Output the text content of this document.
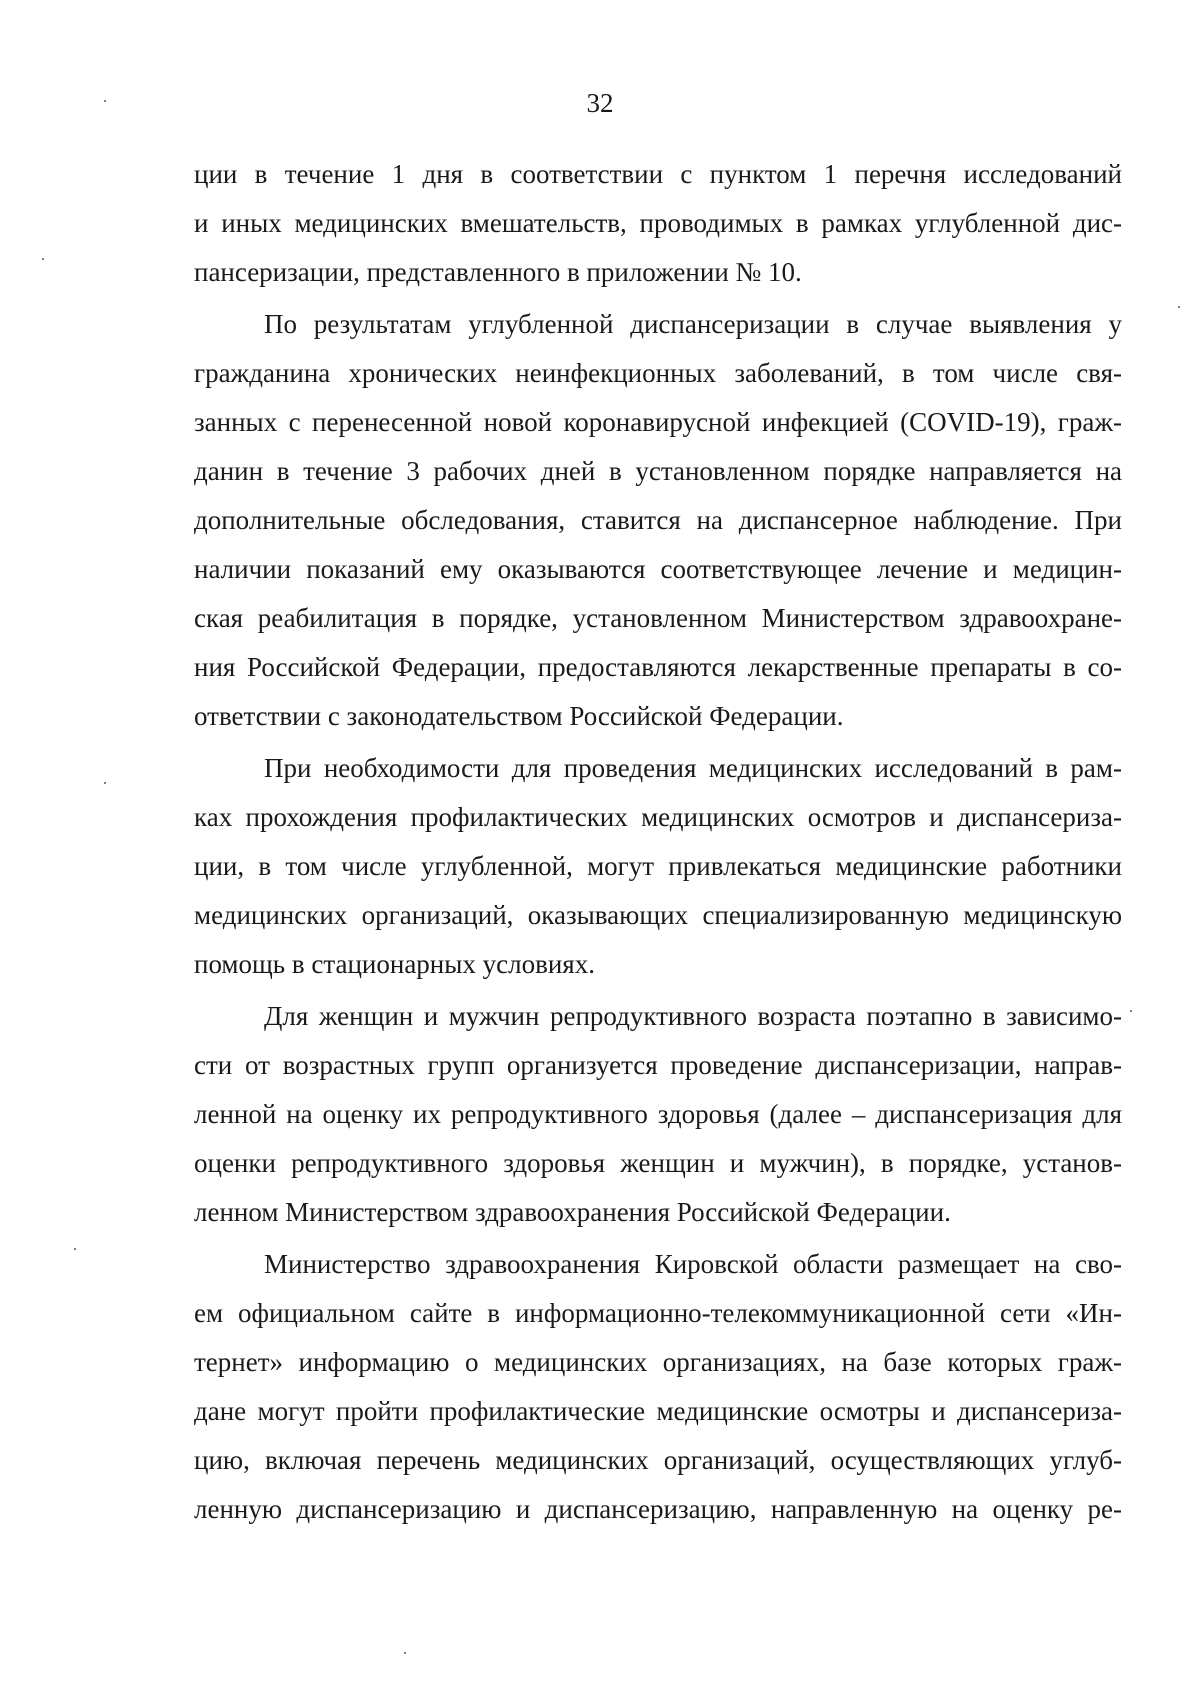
32
ции в течение 1 дня в соответствии с пунктом 1 перечня исследований
и иных медицинских вмешательств, проводимых в рамках углубленной дис-
пансеризации, представленного в приложении № 10.
По результатам углубленной диспансеризации в случае выявления у
гражданина хронических неинфекционных заболеваний, в том числе свя-
занных с перенесенной новой коронавирусной инфекцией (COVID-19), граж-
данин в течение 3 рабочих дней в установленном порядке направляется на
дополнительные обследования, ставится на диспансерное наблюдение. При
наличии показаний ему оказываются соответствующее лечение и медицин-
ская реабилитация в порядке, установленном Министерством здравоохране-
ния Российской Федерации, предоставляются лекарственные препараты в со-
ответствии с законодательством Российской Федерации.
При необходимости для проведения медицинских исследований в рам-
ках прохождения профилактических медицинских осмотров и диспансериза-
ции, в том числе углубленной, могут привлекаться медицинские работники
медицинских организаций, оказывающих специализированную медицинскую
помощь в стационарных условиях.
Для женщин и мужчин репродуктивного возраста поэтапно в зависимо-
сти от возрастных групп организуется проведение диспансеризации, направ-
ленной на оценку их репродуктивного здоровья (далее – диспансеризация для
оценки репродуктивного здоровья женщин и мужчин), в порядке, установ-
ленном Министерством здравоохранения Российской Федерации.
Министерство здравоохранения Кировской области размещает на сво-
ем официальном сайте в информационно-телекоммуникационной сети «Ин-
тернет» информацию о медицинских организациях, на базе которых граж-
дане могут пройти профилактические медицинские осмотры и диспансериза-
цию, включая перечень медицинских организаций, осуществляющих углуб-
ленную диспансеризацию и диспансеризацию, направленную на оценку ре-
